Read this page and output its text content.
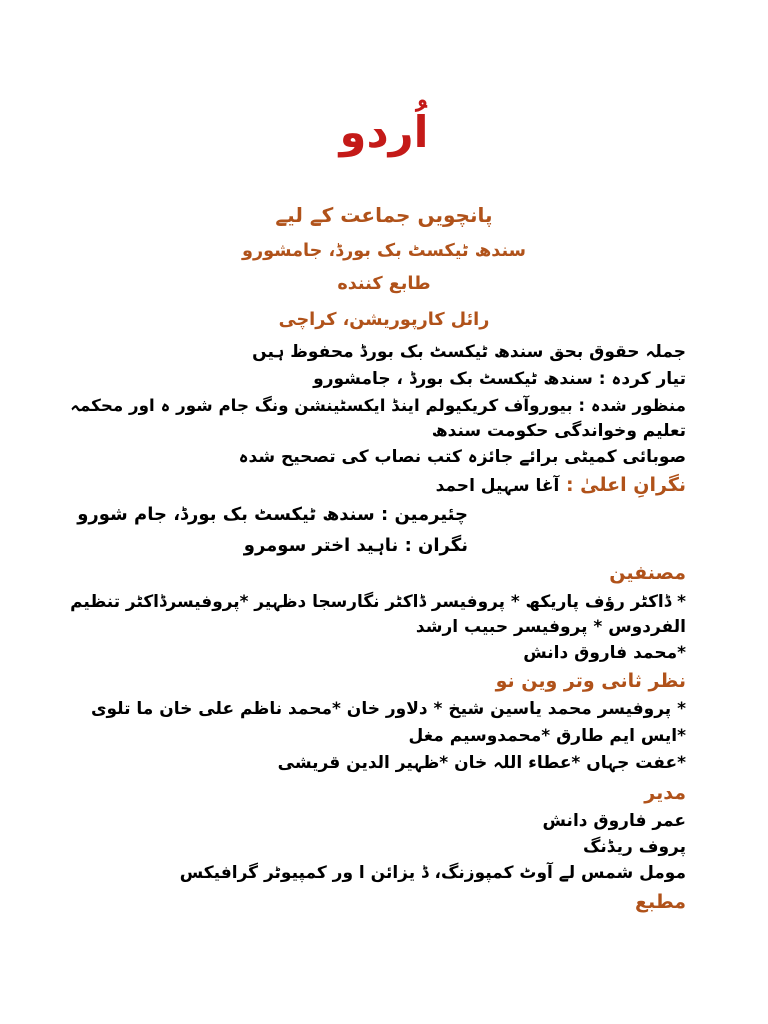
اُردو
پانچویں جماعت کے لیے
سندھ ٹیکسٹ بک بورڈ، جامشورو
طابع کننده
رائل کارپوریشن، کراچی
جملہ حقوق بحق سندھ ٹیکسٹ بک بورڈ محفوظ ہیں
تیار کردہ : سندھ ٹیکسٹ بک بورڈ ، جامشورو
منظور شدہ : بیوروآف کریکیولم اینڈ ایکسٹینشن ونگ جام شور ہ اور محکمہ
تعلیم وخواندگی حکومت سندھ
صوبائی کمیٹی برائے جائزہ کتب نصاب کی تصحیح شدہ
نگرانِ اعلیٰ : آغا سہیل احمد
چئیرمین : سندھ ٹیکسٹ بک بورڈ، جام شورو
نگران : ناہید اختر سومرو
مصنفین
* ڈاکٹر رؤف پاریکھ * پروفیسر ڈاکٹر نگارسجا دظہیر *پروفیسرڈاکٹر تنظیم
الفردوس * پروفیسر حبیب ارشد
*محمد فاروق دانش
نظر ثانی وتر وین نو
* پروفیسر محمد یاسین شیخ * دلاور خان *محمد ناظم علی خان ما تلوی
*ایس ایم طارق *محمدوسیم مغل
*عفت جہاں *عطاء اللہ خان *ظہیر الدین قریشی
مدیر
عمر فاروق دانش
پروف ریڈنگ
مومل شمس لے آوٹ کمپوزنگ، ڈ یزائن ا ور کمپیوٹر گرافیکس
مطبع
